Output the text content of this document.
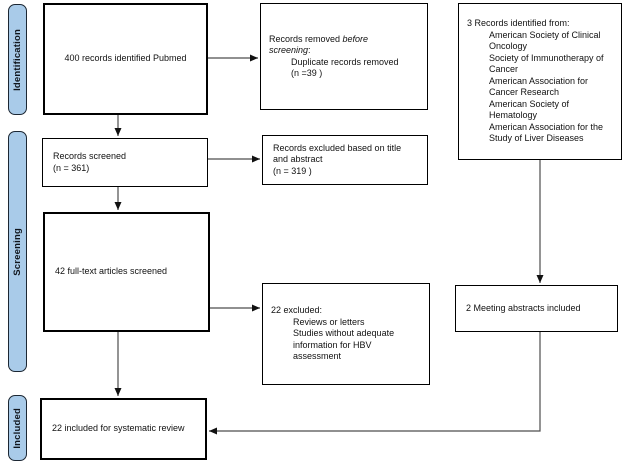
Identification
Screening
Included
400 records identified Pubmed
Records removed before
screening:
Duplicate records removed
(n =39 )
3 Records identified from:
American Society of Clinical Oncology
Society of Immunotherapy of Cancer
American Association for Cancer Research
American Society of Hematology
American Association for the Study of Liver Diseases
Records screened
(n = 361)
Records excluded based on title and abstract
(n = 319 )
42 full-text articles screened
22 excluded:
Reviews or letters
Studies without adequate information for HBV assessment
2 Meeting abstracts included
22 included for systematic review
